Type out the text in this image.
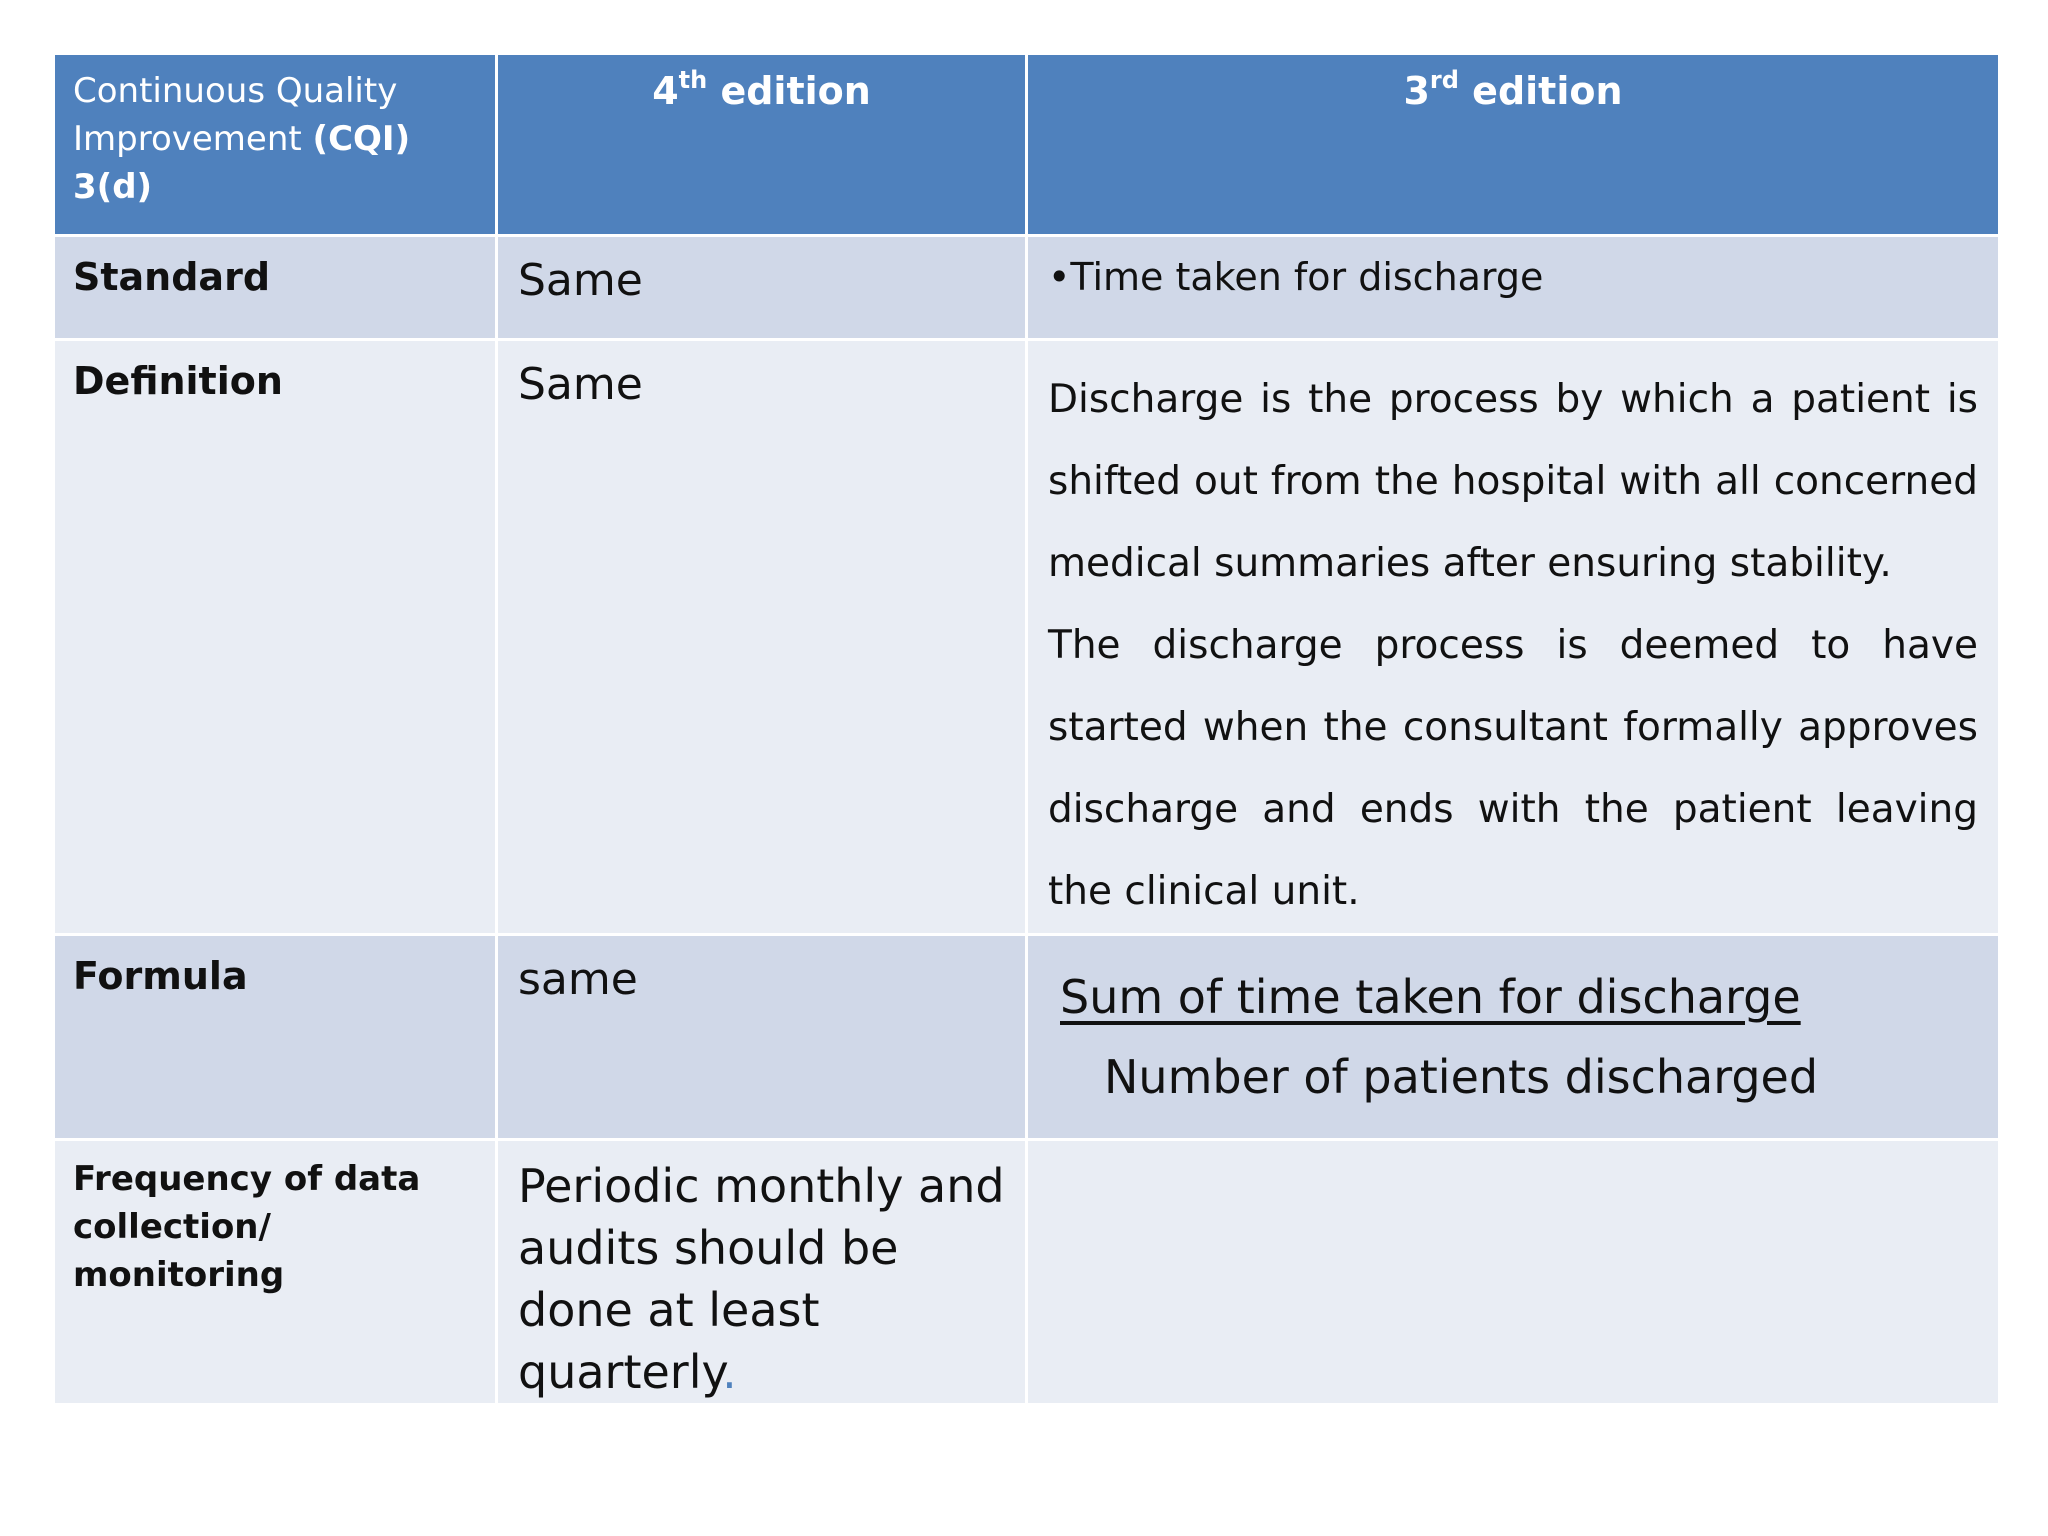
Continuous Quality Improvement (CQI) 3(d)	4th edition	3rd edition
Standard	Same	•Time taken for discharge
Definition	Same	Discharge is the process by which a patient is shifted out from the hospital with all concerned medical summaries after ensuring stability.

The discharge process is deemed to have started when the consultant formally approves discharge and ends with the patient leaving the clinical unit.

Formula	same	Sum of time taken for discharge
Number of patients discharged

Frequency of data collection/ monitoring	Periodic monthly and audits should be done at least quarterly.	
